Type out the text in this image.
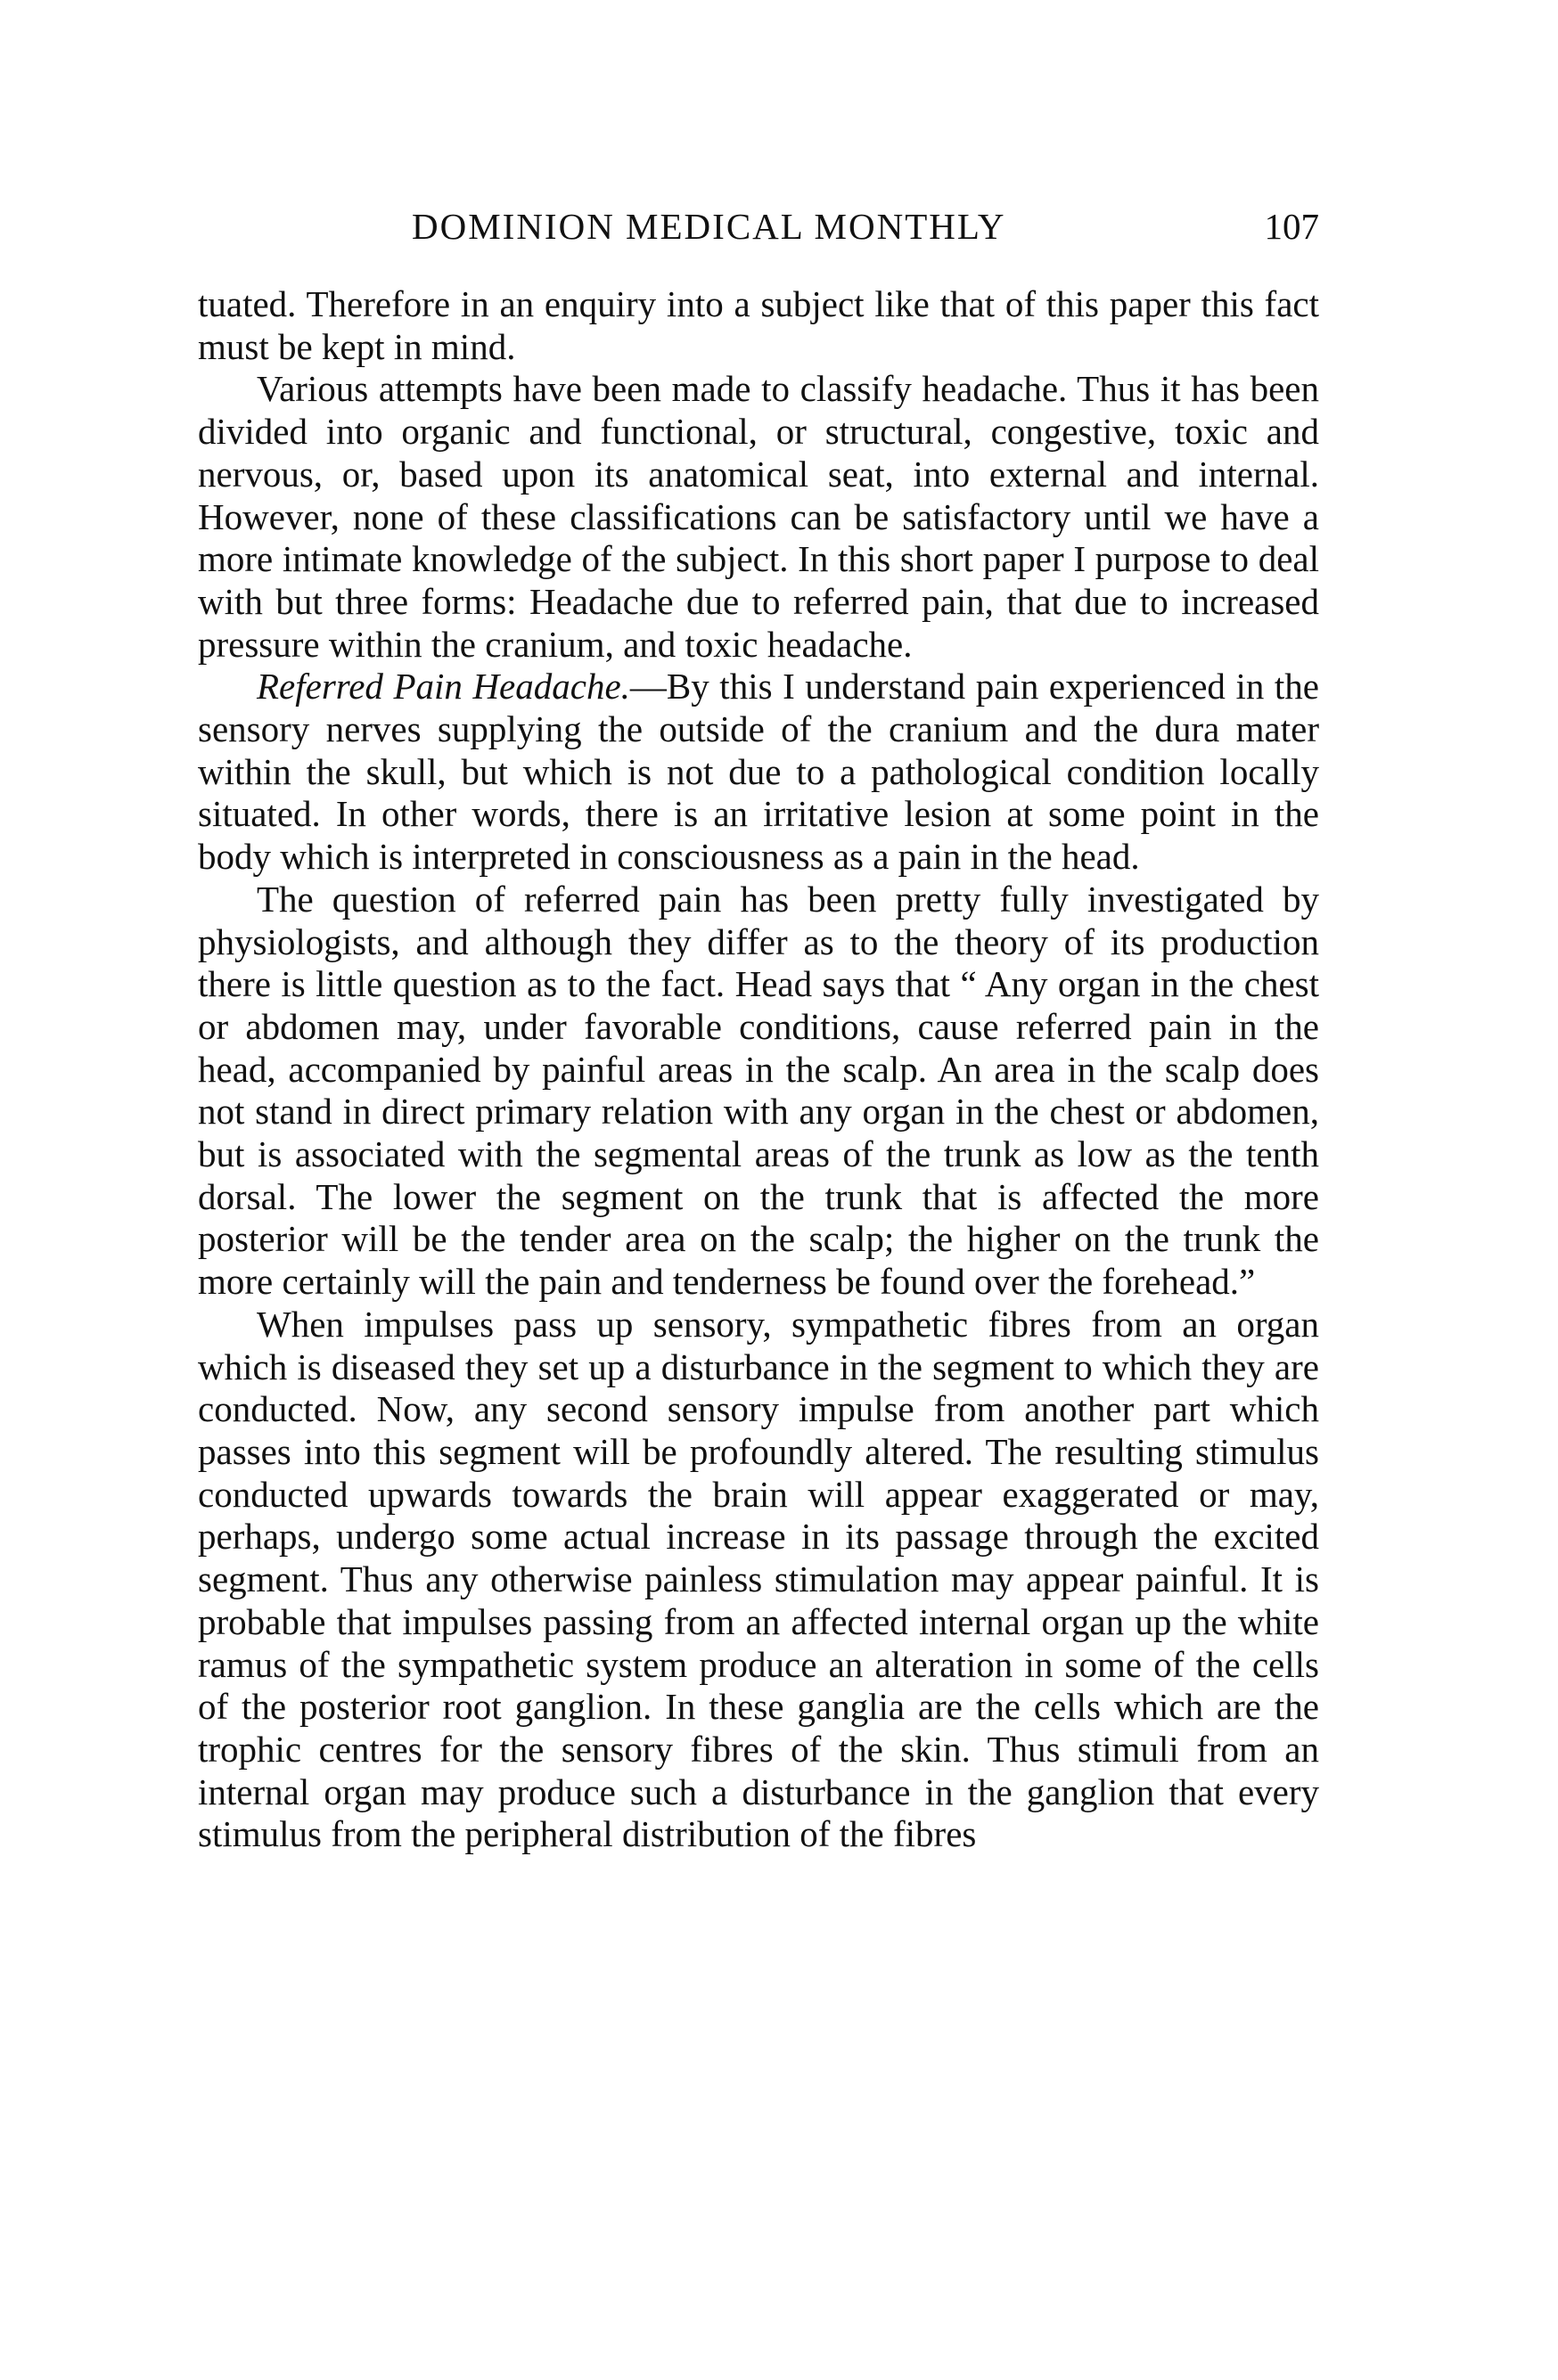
DOMINION MEDICAL MONTHLY	107

tuated. Therefore in an enquiry into a subject like that of this paper this fact must be kept in mind.

Various attempts have been made to classify headache. Thus it has been divided into organic and functional, or structural, congestive, toxic and nervous, or, based upon its anatomical seat, into external and internal. However, none of these classifications can be satisfactory until we have a more intimate knowledge of the subject. In this short paper I purpose to deal with but three forms: Headache due to referred pain, that due to increased pressure within the cranium, and toxic headache.

Referred Pain Headache.—By this I understand pain experienced in the sensory nerves supplying the outside of the cranium and the dura mater within the skull, but which is not due to a pathological condition locally situated. In other words, there is an irritative lesion at some point in the body which is interpreted in consciousness as a pain in the head.

The question of referred pain has been pretty fully investigated by physiologists, and although they differ as to the theory of its production there is little question as to the fact. Head says that “ Any organ in the chest or abdomen may, under favorable conditions, cause referred pain in the head, accompanied by painful areas in the scalp. An area in the scalp does not stand in direct primary relation with any organ in the chest or abdomen, but is associated with the segmental areas of the trunk as low as the tenth dorsal. The lower the segment on the trunk that is affected the more posterior will be the tender area on the scalp; the higher on the trunk the more certainly will the pain and tenderness be found over the forehead.”

When impulses pass up sensory, sympathetic fibres from an organ which is diseased they set up a disturbance in the segment to which they are conducted. Now, any second sensory impulse from another part which passes into this segment will be profoundly altered. The resulting stimulus conducted upwards towards the brain will appear exaggerated or may, perhaps, undergo some actual increase in its passage through the excited segment. Thus any otherwise painless stimulation may appear painful. It is probable that impulses passing from an affected internal organ up the white ramus of the sympathetic system produce an alteration in some of the cells of the posterior root ganglion. In these ganglia are the cells which are the trophic centres for the sensory fibres of the skin. Thus stimuli from an internal organ may produce such a disturbance in the ganglion that every stimulus from the peripheral distribution of the fibres
